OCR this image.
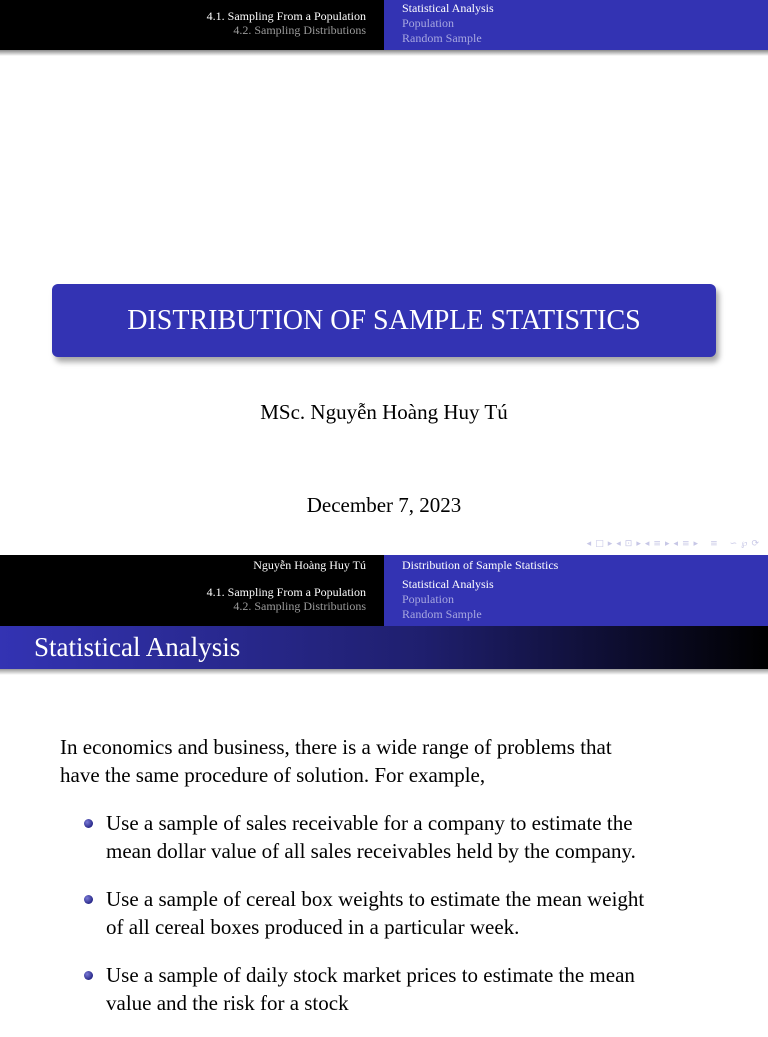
4.1. Sampling From a Population
4.2. Sampling Distributions
Statistical Analysis
Population
Random Sample
DISTRIBUTION OF SAMPLE STATISTICS
MSc. Nguyễn Hoàng Huy Tú
December 7, 2023
◂ □ ▸ ◂ ⊡ ▸ ◂ ≡ ▸ ◂ ≡ ▸ ≡ ∽ ℘ ⟳
Nguyễn Hoàng Huy Tú
4.1. Sampling From a Population
4.2. Sampling Distributions
Distribution of Sample Statistics
Statistical Analysis
Population
Random Sample
Statistical Analysis
In economics and business, there is a wide range of problems that
have the same procedure of solution. For example,
Use a sample of sales receivable for a company to estimate the
mean dollar value of all sales receivables held by the company.
Use a sample of cereal box weights to estimate the mean weight
of all cereal boxes produced in a particular week.
Use a sample of daily stock market prices to estimate the mean
value and the risk for a stock
